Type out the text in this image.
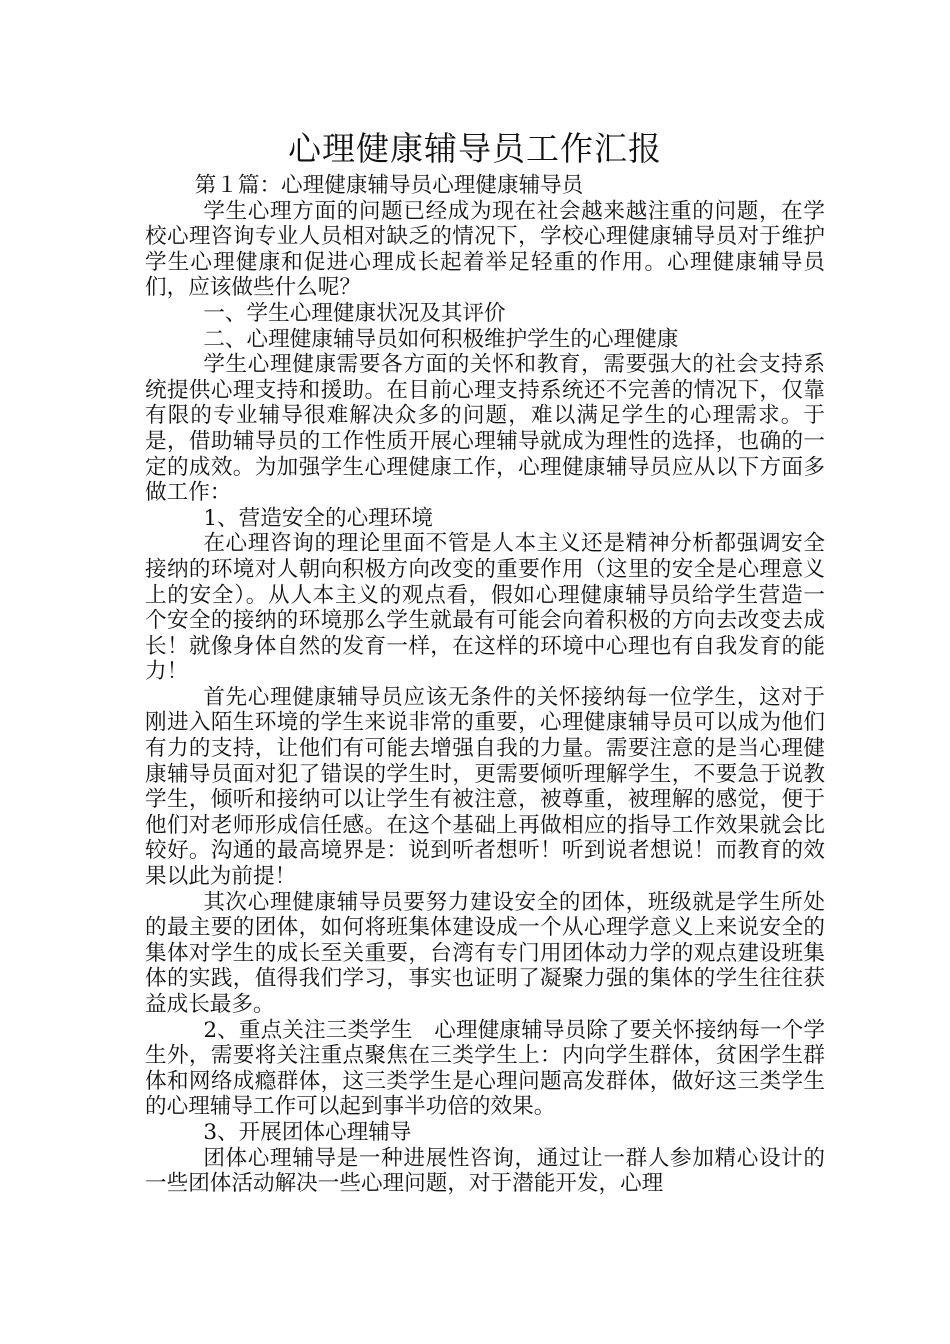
心理健康辅导员工作汇报

第１篇：心理健康辅导员心理健康辅导员

学生心理方面的问题已经成为现在社会越来越注重的问题，在学校心理咨询专业人员相对缺乏的情况下，学校心理健康辅导员对于维护学生心理健康和促进心理成长起着举足轻重的作用。心理健康辅导员们，应该做些什么呢？

一、学生心理健康状况及其评价

二、心理健康辅导员如何积极维护学生的心理健康

学生心理健康需要各方面的关怀和教育，需要强大的社会支持系统提供心理支持和援助。在目前心理支持系统还不完善的情况下，仅靠有限的专业辅导很难解决众多的问题，难以满足学生的心理需求。于是，借助辅导员的工作性质开展心理辅导就成为理性的选择，也确的一定的成效。为加强学生心理健康工作，心理健康辅导员应从以下方面多做工作：

1、营造安全的心理环境

在心理咨询的理论里面不管是人本主义还是精神分析都强调安全接纳的环境对人朝向积极方向改变的重要作用（这里的安全是心理意义上的安全）。从人本主义的观点看，假如心理健康辅导员给学生营造一个安全的接纳的环境那么学生就最有可能会向着积极的方向去改变去成长！就像身体自然的发育一样，在这样的环境中心理也有自我发育的能力！

首先心理健康辅导员应该无条件的关怀接纳每一位学生，这对于刚进入陌生环境的学生来说非常的重要，心理健康辅导员可以成为他们有力的支持，让他们有可能去增强自我的力量。需要注意的是当心理健康辅导员面对犯了错误的学生时，更需要倾听理解学生，不要急于说教学生，倾听和接纳可以让学生有被注意，被尊重，被理解的感觉，便于他们对老师形成信任感。在这个基础上再做相应的指导工作效果就会比较好。沟通的最高境界是：说到听者想听！听到说者想说！而教育的效果以此为前提！

其次心理健康辅导员要努力建设安全的团体，班级就是学生所处的最主要的团体，如何将班集体建设成一个从心理学意义上来说安全的集体对学生的成长至关重要，台湾有专门用团体动力学的观点建设班集体的实践，值得我们学习，事实也证明了凝聚力强的集体的学生往往获益成长最多。

2、重点关注三类学生　心理健康辅导员除了要关怀接纳每一个学生外，需要将关注重点聚焦在三类学生上：内向学生群体，贫困学生群体和网络成瘾群体，这三类学生是心理问题高发群体，做好这三类学生的心理辅导工作可以起到事半功倍的效果。

3、开展团体心理辅导

团体心理辅导是一种进展性咨询，通过让一群人参加精心设计的一些团体活动解决一些心理问题，对于潜能开发，心理
